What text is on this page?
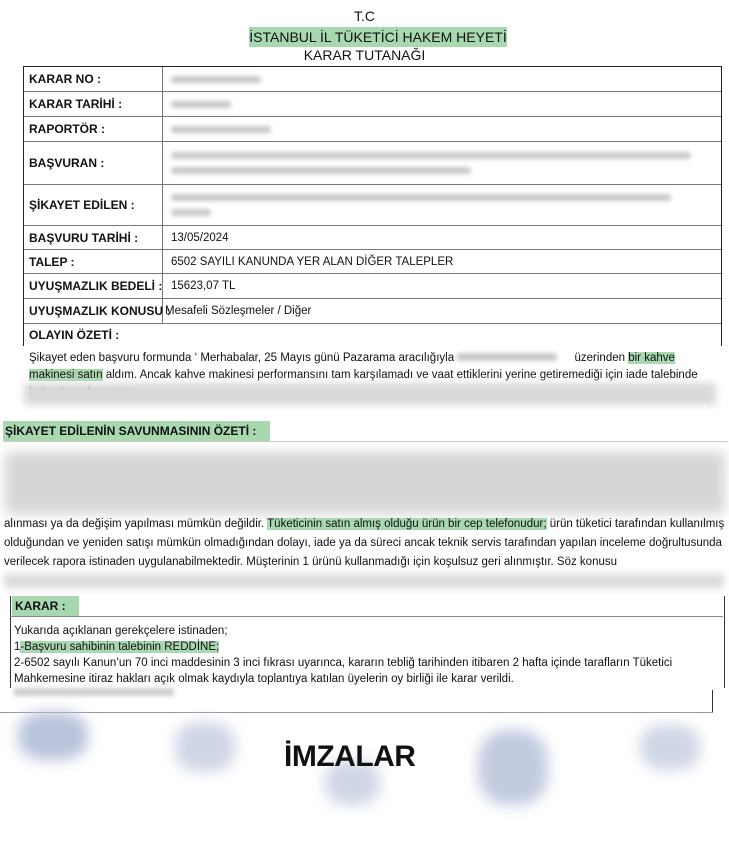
T.C
İSTANBUL İL TÜKETİCİ HAKEM HEYETİ
KARAR TUTANAĞI
KARAR NO :
KARAR TARİHİ :
RAPORTÖR :
BAŞVURAN :
ŞİKAYET EDİLEN :
BAŞVURU TARİHİ :	13/05/2024
TALEP :	6502 SAYILI KANUNDA YER ALAN DİĞER TALEPLER
UYUŞMAZLIK BEDELİ : 15623,07 TL
UYUŞMAZLIK KONUSU :
Mesafeli Sözleşmeler / Diğer
OLAYIN ÖZETİ :
Şikayet eden başvuru formunda ‘ Merhabalar, 25 Mayıs günü Pazarama aracılığıyla	üzerinden bir kahve makinesi satın aldım. Ancak kahve makinesi performansını tam karşılamadı ve vaat ettiklerini yerine getiremediği için iade talebinde
ŞİKAYET EDİLENİN SAVUNMASININ ÖZETİ :
alınması ya da değişim yapılması mümkün değildir. Tüketicinin satın almış olduğu ürün bir cep telefonudur; ürün tüketici tarafından kullanılmış olduğundan ve yeniden satışı mümkün olmadığından dolayı, iade ya da süreci ancak teknik servis tarafından yapılan inceleme doğrultusunda verilecek rapora istinaden uygulanabilmektedir. Müşterinin 1 ürünü kullanmadığı için koşulsuz geri alınmıştır. Söz konusu
KARAR :
Yukarıda açıklanan gerekçelere istinaden;
1-Başvuru sahibinin talebinin REDDİNE;
2-6502 sayılı Kanun’un 70 inci maddesinin 3 inci fıkrası uyarınca, kararın tebliğ tarihinden itibaren 2 hafta içinde tarafların Tüketici Mahkemesine itiraz hakları açık olmak kaydıyla toplantıya katılan üyelerin oy birliği ile karar verildi.
İMZALAR
